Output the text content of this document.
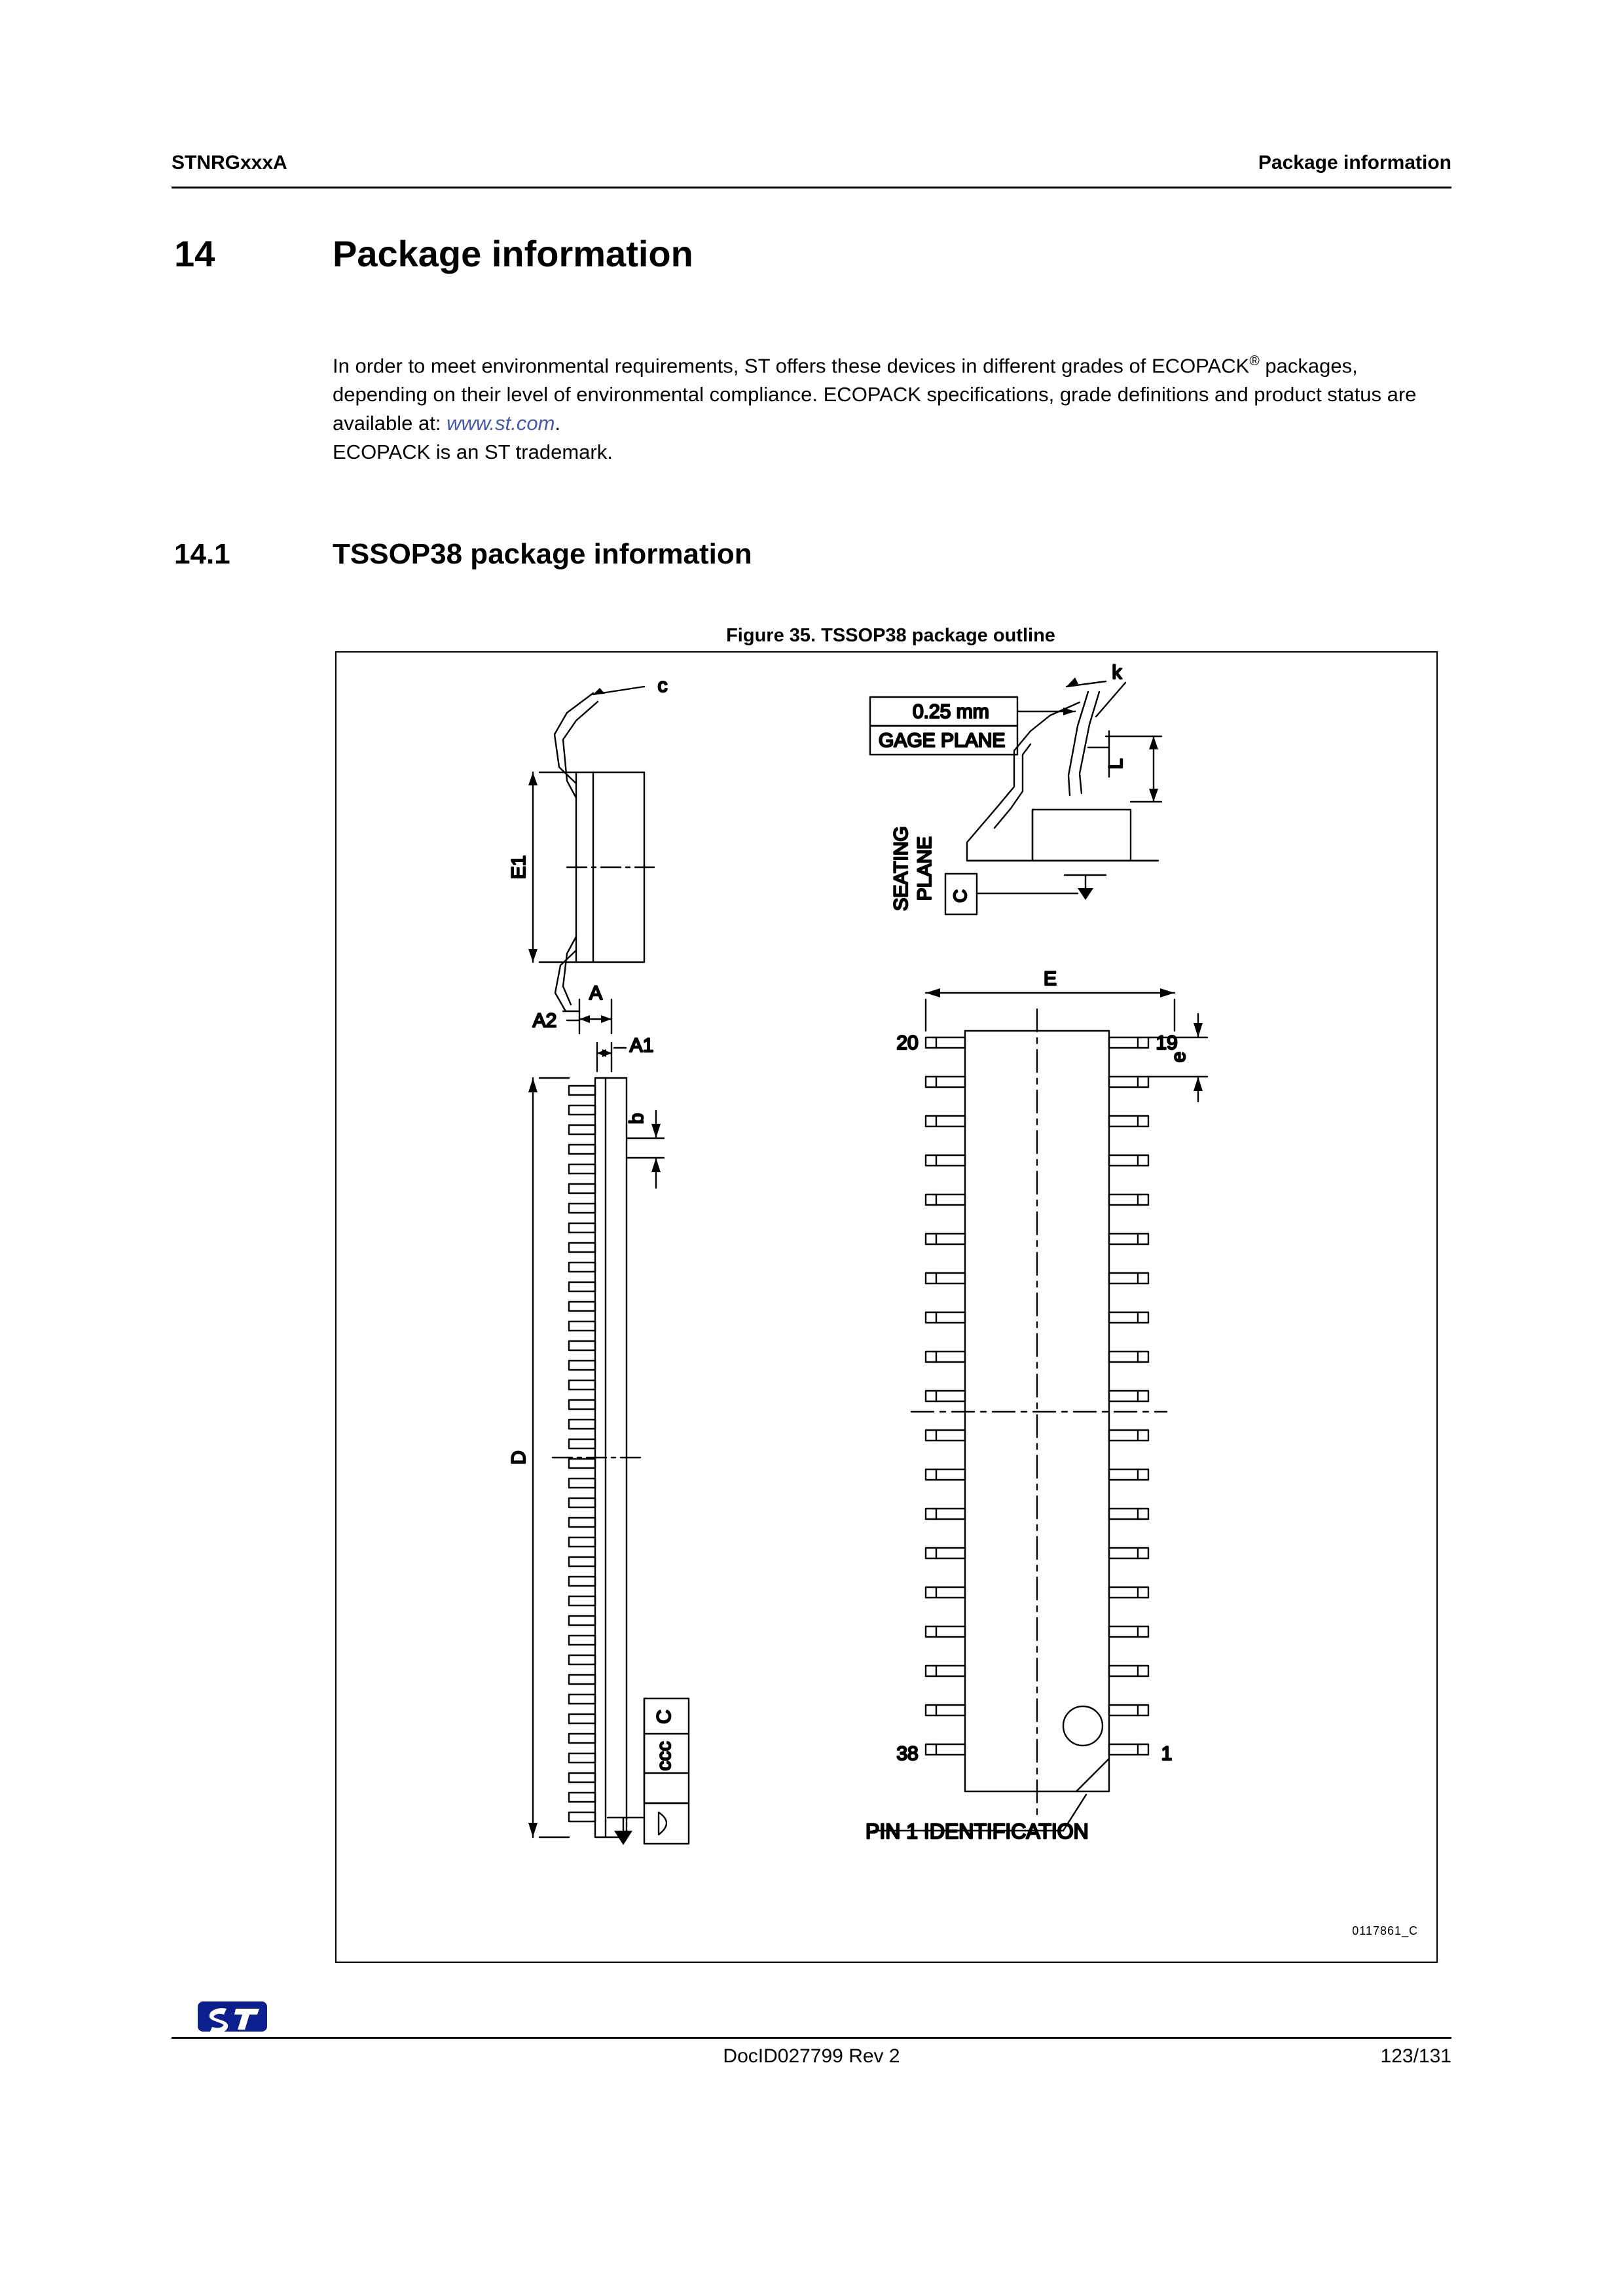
STNRGxxxA	Package information
14	Package information
In order to meet environmental requirements, ST offers these devices in different grades of ECOPACK® packages, depending on their level of environmental compliance. ECOPACK specifications, grade definitions and product status are available at: www.st.com.
ECOPACK is an ST trademark.
14.1	TSSOP38 package information
Figure 35. TSSOP38 package outline
c
E1
k
0.25 mm
GAGE PLANE
L
SEATING PLANE C
A
A2
A1
b
D
C
ccc
E
20	19
38	1
e
PIN 1 IDENTIFICATION
0117861_C
DocID027799 Rev 2	123/131
